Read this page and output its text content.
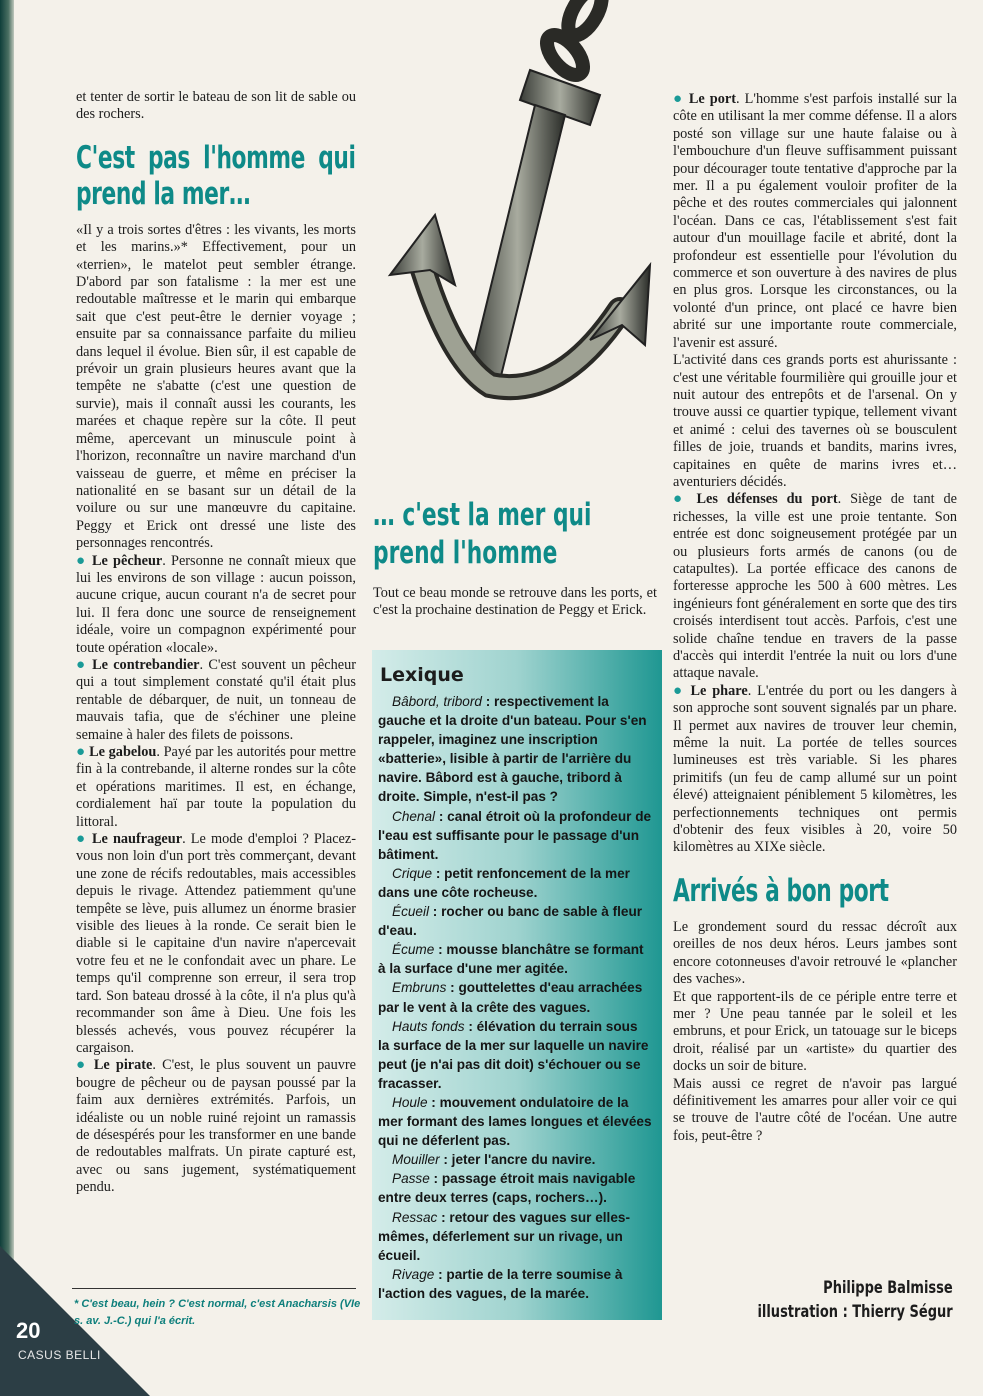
20
CASUS BELLI

et tenter de sortir le bateau de son lit de sable ou des rochers.

C'est pas l'homme qui prend la mer…

«Il y a trois sortes d'êtres : les vivants, les morts et les marins.»* Effectivement, pour un «terrien», le matelot peut sembler étrange. D'abord par son fatalisme : la mer est une redoutable maîtresse et le marin qui embarque sait que c'est peut-être le dernier voyage ; ensuite par sa connaissance parfaite du milieu dans lequel il évolue. Bien sûr, il est capable de prévoir un grain plusieurs heures avant que la tempête ne s'abatte (c'est une question de survie), mais il connaît aussi les courants, les marées et chaque repère sur la côte. Il peut même, apercevant un minuscule point à l'horizon, reconnaître un navire marchand d'un vaisseau de guerre, et même en préciser la nationalité en se basant sur un détail de la voilure ou sur une manœuvre du capitaine. Peggy et Erick ont dressé une liste des personnages rencontrés.

● Le pêcheur. Personne ne connaît mieux que lui les environs de son village : aucun poisson, aucune crique, aucun courant n'a de secret pour lui. Il fera donc une source de renseignement idéale, voire un compagnon expérimenté pour toute opération «locale».

● Le contrebandier. C'est souvent un pêcheur qui a tout simplement constaté qu'il était plus rentable de débarquer, de nuit, un tonneau de mauvais tafia, que de s'échiner une pleine semaine à haler des filets de poissons.

● Le gabelou. Payé par les autorités pour mettre fin à la contrebande, il alterne rondes sur la côte et opérations maritimes. Il est, en échange, cordialement haï par toute la population du littoral.

● Le naufrageur. Le mode d'emploi ? Placez-vous non loin d'un port très commerçant, devant une zone de récifs redoutables, mais accessibles depuis le rivage. Attendez patiemment qu'une tempête se lève, puis allumez un énorme brasier visible des lieues à la ronde. Ce serait bien le diable si le capitaine d'un navire n'apercevait votre feu et ne le confondait avec un phare. Le temps qu'il comprenne son erreur, il sera trop tard. Son bateau drossé à la côte, il n'a plus qu'à recommander son âme à Dieu. Une fois les blessés achevés, vous pouvez récupérer la cargaison.

● Le pirate. C'est, le plus souvent un pauvre bougre de pêcheur ou de paysan poussé par la faim aux dernières extrémités. Parfois, un idéaliste ou un noble ruiné rejoint un ramassis de désespérés pour les transformer en une bande de redoutables malfrats. Un pirate capturé est, avec ou sans jugement, systématiquement pendu.

* C'est beau, hein ? C'est normal, c'est Anacharsis (VIe s. av. J.-C.) qui l'a écrit.
… c'est la mer qui prend l'homme

Tout ce beau monde se retrouve dans les ports, et c'est la prochaine destination de Peggy et Erick.

Lexique

Bâbord, tribord : respectivement la gauche et la droite d'un bateau. Pour s'en rappeler, imaginez une inscription «batterie», lisible à partir de l'arrière du navire. Bâbord est à gauche, tribord à droite. Simple, n'est-il pas ?

Chenal : canal étroit où la profondeur de l'eau est suffisante pour le passage d'un bâtiment.

Crique : petit renfoncement de la mer dans une côte rocheuse.

Écueil : rocher ou banc de sable à fleur d'eau.

Écume : mousse blanchâtre se formant à la surface d'une mer agitée.

Embruns : gouttelettes d'eau arrachées par le vent à la crête des vagues.

Hauts fonds : élévation du terrain sous la surface de la mer sur laquelle un navire peut (je n'ai pas dit doit) s'échouer ou se fracasser.

Houle : mouvement ondulatoire de la mer formant des lames longues et élevées qui ne déferlent pas.

Mouiller : jeter l'ancre du navire.

Passe : passage étroit mais navigable entre deux terres (caps, rochers…).

Ressac : retour des vagues sur elles-mêmes, déferlement sur un rivage, un écueil.

Rivage : partie de la terre soumise à l'action des vagues, de la marée.

● Le port. L'homme s'est parfois installé sur la côte en utilisant la mer comme défense. Il a alors posté son village sur une haute falaise ou à l'embouchure d'un fleuve suffisamment puissant pour décourager toute tentative d'approche par la mer. Il a pu également vouloir profiter de la pêche et des routes commerciales qui jalonnent l'océan. Dans ce cas, l'établissement s'est fait autour d'un mouillage facile et abrité, dont la profondeur est essentielle pour l'évolution du commerce et son ouverture à des navires de plus en plus gros. Lorsque les circonstances, ou la volonté d'un prince, ont placé ce havre bien abrité sur une importante route commerciale, l'avenir est assuré.

L'activité dans ces grands ports est ahurissante : c'est une véritable fourmilière qui grouille jour et nuit autour des entrepôts et de l'arsenal. On y trouve aussi ce quartier typique, tellement vivant et animé : celui des tavernes où se bousculent filles de joie, truands et bandits, marins ivres, capitaines en quête de marins ivres et… aventuriers décidés.

● Les défenses du port. Siège de tant de richesses, la ville est une proie tentante. Son entrée est donc soigneusement protégée par un ou plusieurs forts armés de canons (ou de catapultes). La portée efficace des canons de forteresse approche les 500 à 600 mètres. Les ingénieurs font généralement en sorte que des tirs croisés interdisent tout accès. Parfois, c'est une solide chaîne tendue en travers de la passe d'accès qui interdit l'entrée la nuit ou lors d'une attaque navale.

● Le phare. L'entrée du port ou les dangers à son approche sont souvent signalés par un phare. Il permet aux navires de trouver leur chemin, même la nuit. La portée de telles sources lumineuses est très variable. Si les phares primitifs (un feu de camp allumé sur un point élevé) atteignaient péniblement 5 kilomètres, les perfectionnements techniques ont permis d'obtenir des feux visibles à 20, voire 50 kilomètres au XIXe siècle.

Arrivés à bon port

Le grondement sourd du ressac décroît aux oreilles de nos deux héros. Leurs jambes sont encore cotonneuses d'avoir retrouvé le «plancher des vaches».

Et que rapportent-ils de ce périple entre terre et mer ? Une peau tannée par le soleil et les embruns, et pour Erick, un tatouage sur le biceps droit, réalisé par un «artiste» du quartier des docks un soir de biture.

Mais aussi ce regret de n'avoir pas largué définitivement les amarres pour aller voir ce qui se trouve de l'autre côté de l'océan. Une autre fois, peut-être ?

Philippe Balmisse
illustration : Thierry Ségur
